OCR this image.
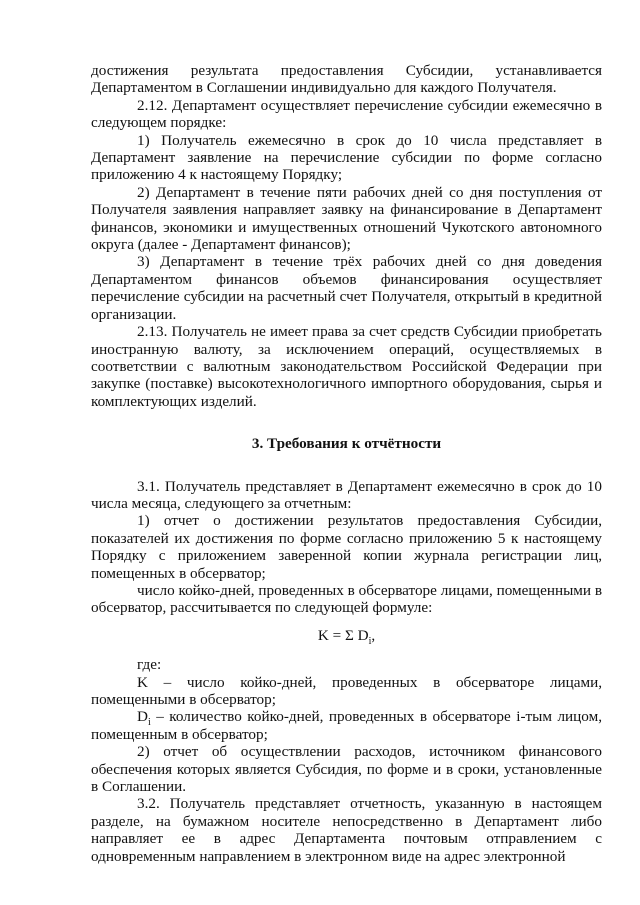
достижения результата предоставления Субсидии, устанавливается Департаментом в Соглашении индивидуально для каждого Получателя.

2.12. Департамент осуществляет перечисление субсидии ежемесячно в следующем порядке:

1) Получатель ежемесячно в срок до 10 числа представляет в Департамент заявление на перечисление субсидии по форме согласно приложению 4 к настоящему Порядку;

2) Департамент в течение пяти рабочих дней со дня поступления от Получателя заявления направляет заявку на финансирование в Департамент финансов, экономики и имущественных отношений Чукотского автономного округа (далее - Департамент финансов);

3) Департамент в течение трёх рабочих дней со дня доведения Департаментом финансов объемов финансирования осуществляет перечисление субсидии на расчетный счет Получателя, открытый в кредитной организации.

2.13. Получатель не имеет права за счет средств Субсидии приобретать иностранную валюту, за исключением операций, осуществляемых в соответствии с валютным законодательством Российской Федерации при закупке (поставке) высокотехнологичного импортного оборудования, сырья и комплектующих изделий.

3. Требования к отчётности

3.1. Получатель представляет в Департамент ежемесячно в срок до 10 числа месяца, следующего за отчетным:

1) отчет о достижении результатов предоставления Субсидии, показателей их достижения по форме согласно приложению 5 к настоящему Порядку с приложением заверенной копии журнала регистрации лиц, помещенных в обсерватор;

число койко-дней, проведенных в обсерваторе лицами, помещенными в обсерватор, рассчитывается по следующей формуле:

K = Σ $D_i$,

где:

K – число койко-дней, проведенных в обсерваторе лицами, помещенными в обсерватор;

$D_i$ – количество койко-дней, проведенных в обсерваторе i-тым лицом, помещенным в обсерватор;

2) отчет об осуществлении расходов, источником финансового обеспечения которых является Субсидия, по форме и в сроки, установленные в Соглашении.

3.2. Получатель представляет отчетность, указанную в настоящем разделе, на бумажном носителе непосредственно в Департамент либо направляет ее в адрес Департамента почтовым отправлением с одновременным направлением в электронном виде на адрес электронной
